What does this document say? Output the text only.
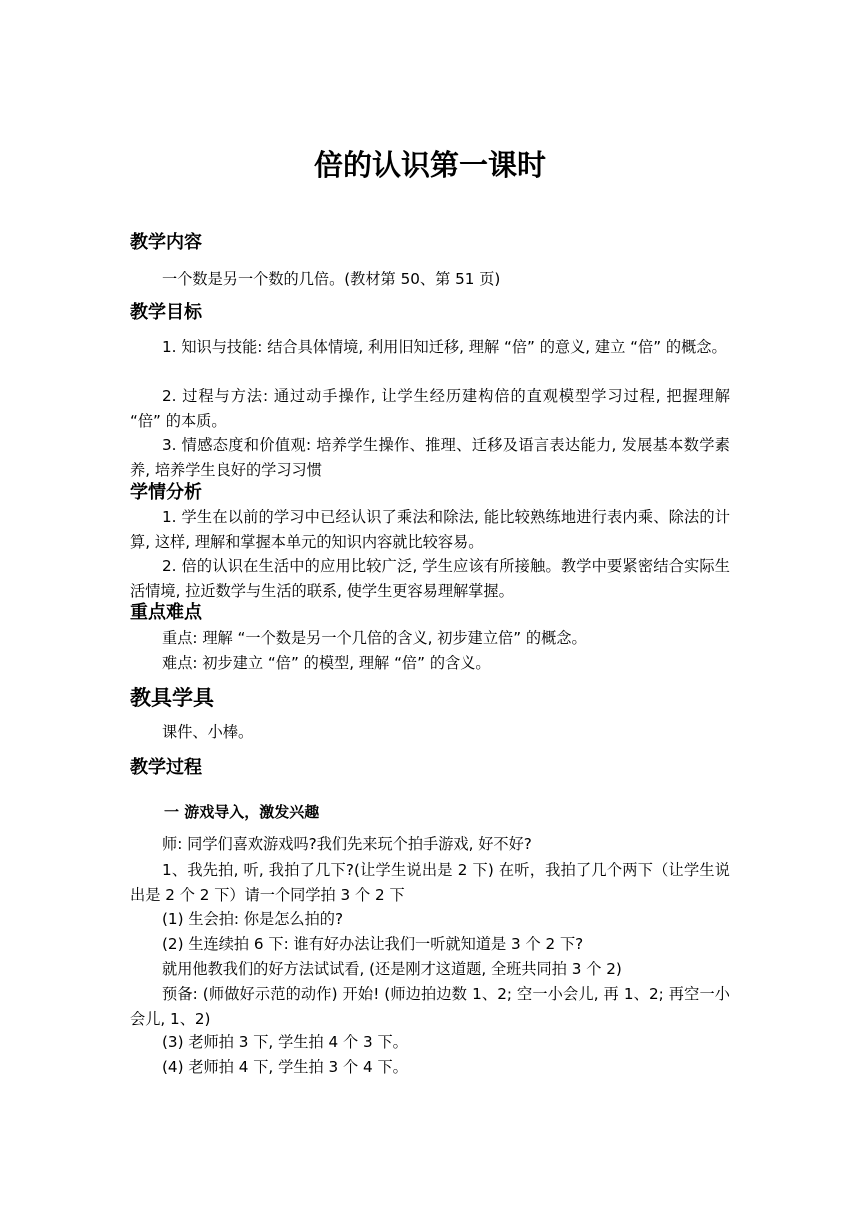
倍的认识第一课时
教学内容
一个数是另一个数的几倍。(教材第 50、第 51 页)
教学目标
1. 知识与技能: 结合具体情境, 利用旧知迁移, 理解 “倍” 的意义, 建立 “倍” 的概念。
2. 过程与方法: 通过动手操作, 让学生经历建构倍的直观模型学习过程, 把握理解 “倍” 的本质。
3. 情感态度和价值观: 培养学生操作、推理、迁移及语言表达能力, 发展基本数学素养, 培养学生良好的学习习惯
学情分析
1. 学生在以前的学习中已经认识了乘法和除法, 能比较熟练地进行表内乘、除法的计算, 这样, 理解和掌握本单元的知识内容就比较容易。
2. 倍的认识在生活中的应用比较广泛, 学生应该有所接触。教学中要紧密结合实际生活情境, 拉近数学与生活的联系, 使学生更容易理解掌握。
重点难点
重点: 理解 “一个数是另一个几倍的含义, 初步建立倍” 的概念。
难点: 初步建立 “倍” 的模型, 理解 “倍” 的含义。
教具学具
课件、小棒。
教学过程
一 游戏导入，激发兴趣
师: 同学们喜欢游戏吗?我们先来玩个拍手游戏, 好不好?
1、我先拍, 听, 我拍了几下?(让学生说出是 2 下) 在听，我拍了几个两下（让学生说出是 2 个 2 下）请一个同学拍 3 个 2 下
(1) 生会拍: 你是怎么拍的?
(2) 生连续拍 6 下: 谁有好办法让我们一听就知道是 3 个 2 下?
就用他教我们的好方法试试看, (还是刚才这道题, 全班共同拍 3 个 2)
预备: (师做好示范的动作) 开始! (师边拍边数 1、2; 空一小会儿, 再 1、2; 再空一小会儿, 1、2)
(3) 老师拍 3 下, 学生拍 4 个 3 下。
(4) 老师拍 4 下, 学生拍 3 个 4 下。
